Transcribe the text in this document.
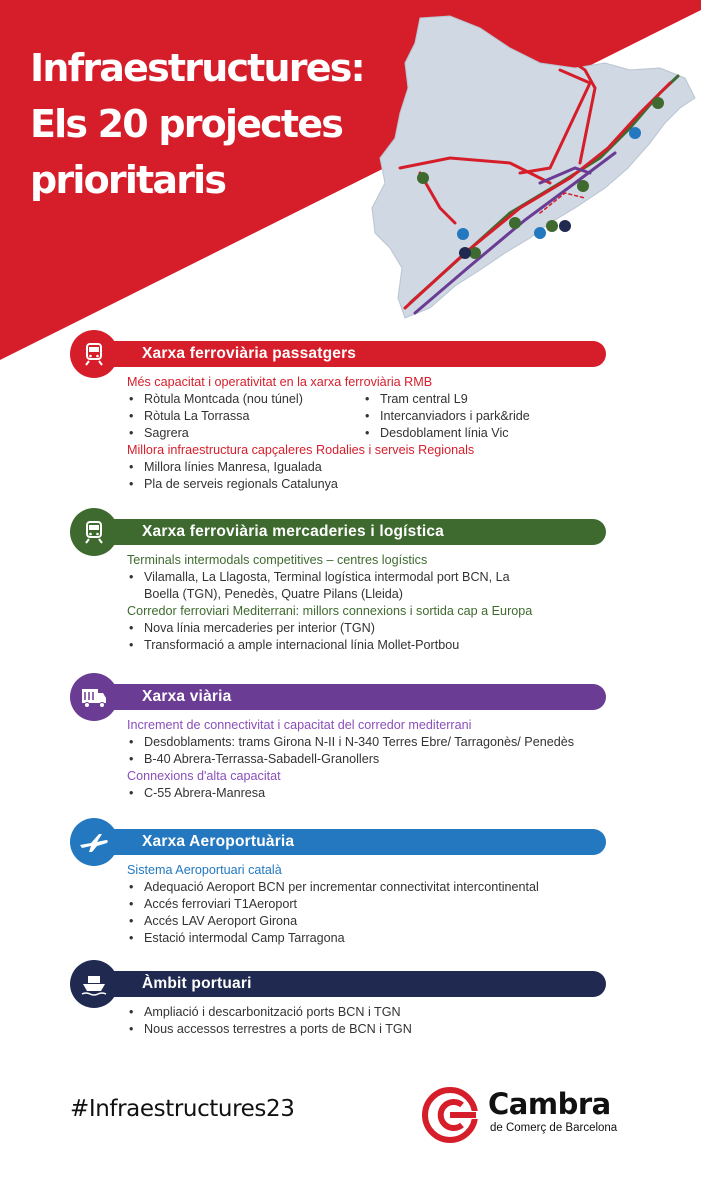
Infraestructures:
Els 20 projectes
prioritaris
Xarxa ferroviària passatgers
Més capacitat i operativitat en la xarxa ferroviària RMB
• Ròtula Montcada (nou túnel)
• Ròtula La Torrassa
• Sagrera
• Tram central L9
• Intercanviadors i park&ride
• Desdoblament línia Vic
Millora infraestructura capçaleres Rodalies i serveis Regionals
• Millora línies Manresa, Igualada
• Pla de serveis regionals Catalunya
Xarxa ferroviària mercaderies i logística
Terminals intermodals competitives – centres logístics
• Vilamalla, La Llagosta, Terminal logística intermodal port BCN, La Boella (TGN), Penedès, Quatre Pilans (Lleida)
Corredor ferroviari Mediterrani: millors connexions i sortida cap a Europa
• Nova línia mercaderies per interior (TGN)
• Transformació a ample internacional línia Mollet-Portbou
Xarxa viària
Increment de connectivitat i capacitat del corredor mediterrani
• Desdoblaments: trams Girona N-II i N-340 Terres Ebre/ Tarragonès/ Penedès
• B-40 Abrera-Terrassa-Sabadell-Granollers
Connexions d'alta capacitat
• C-55 Abrera-Manresa
Xarxa Aeroportuària
Sistema Aeroportuari català
• Adequació Aeroport BCN per incrementar connectivitat intercontinental
• Accés ferroviari T1Aeroport
• Accés LAV Aeroport Girona
• Estació intermodal Camp Tarragona
Àmbit portuari
• Ampliació i descarbonització ports BCN i TGN
• Nous accessos terrestres a ports de BCN i TGN
#Infraestructures23	Cambra
de Comerç de Barcelona
